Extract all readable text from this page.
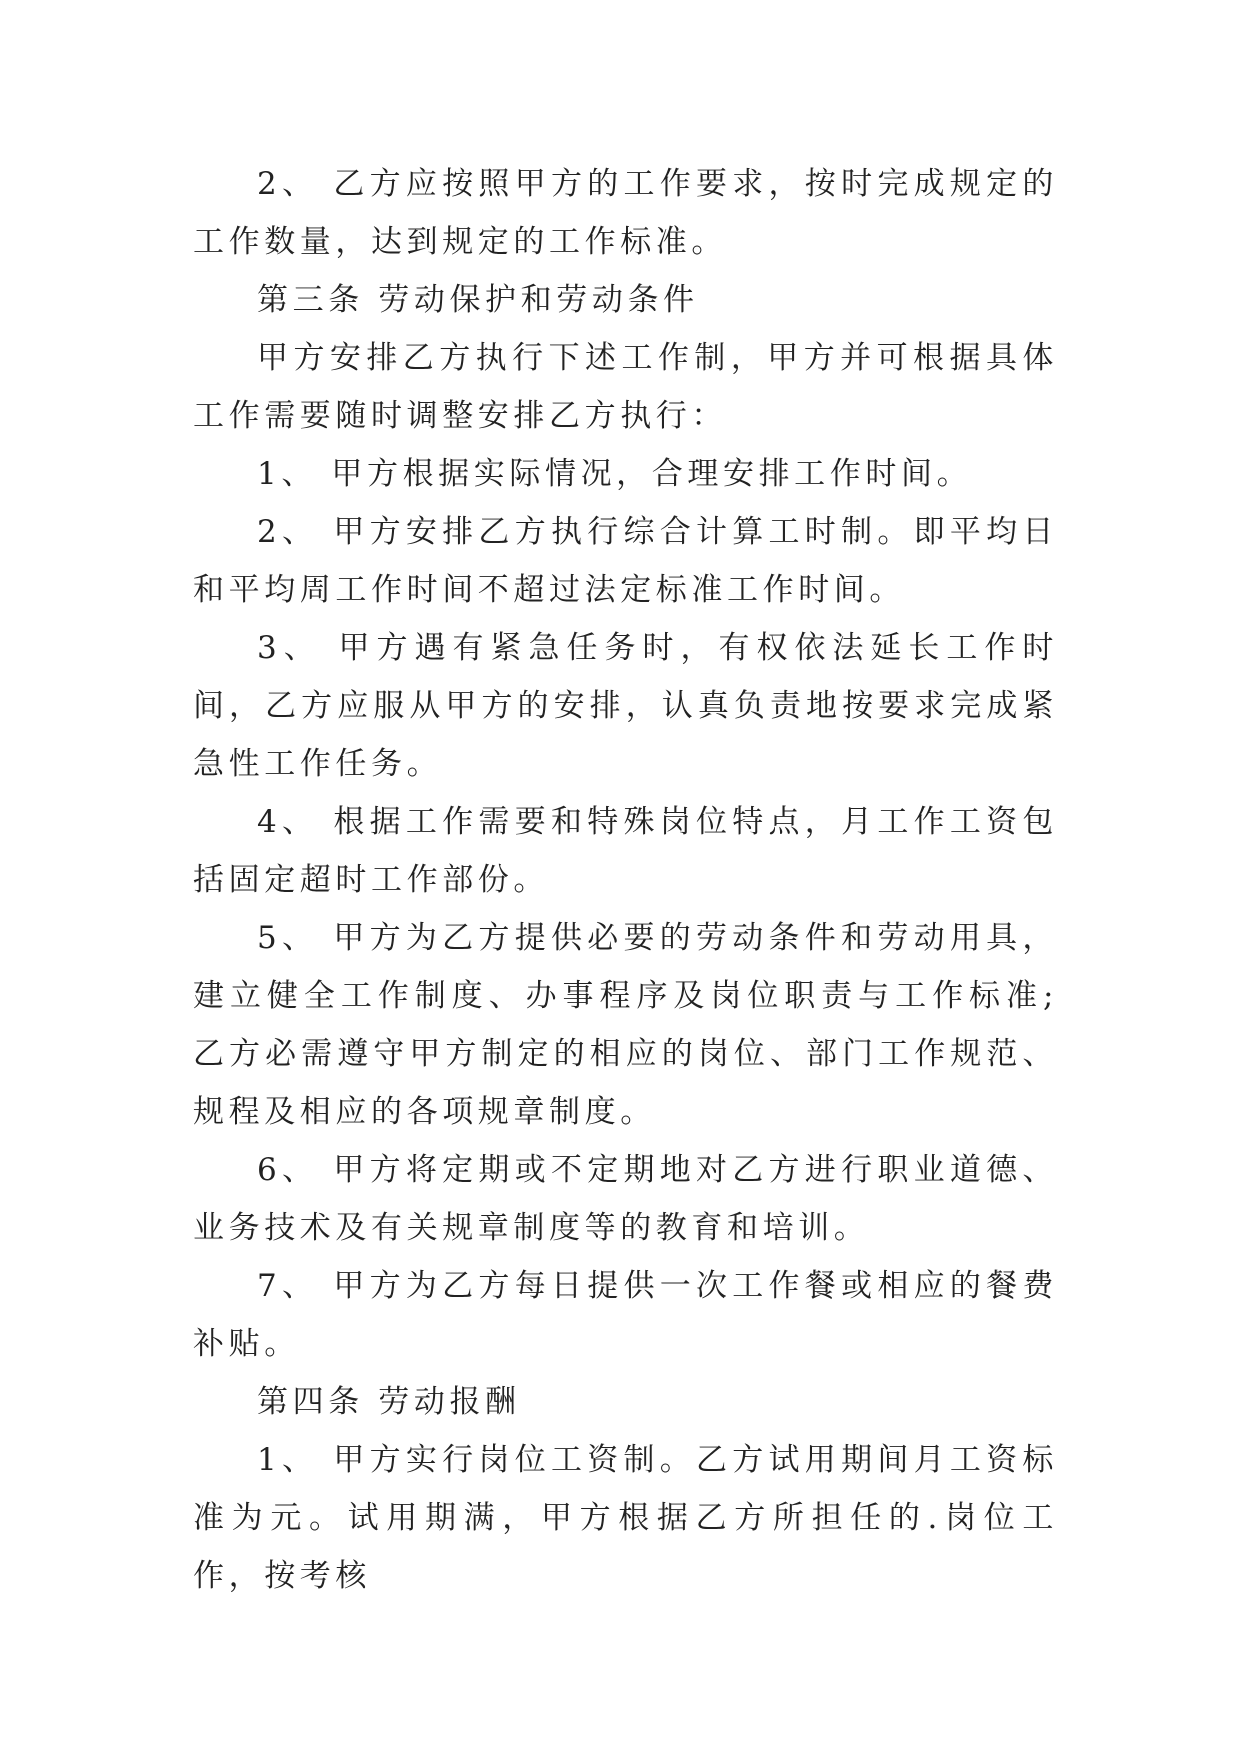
2、 乙方应按照甲方的工作要求，按时完成规定的工作数量，达到规定的工作标准。

第三条 劳动保护和劳动条件

甲方安排乙方执行下述工作制，甲方并可根据具体工作需要随时调整安排乙方执行：

1、 甲方根据实际情况，合理安排工作时间。

2、 甲方安排乙方执行综合计算工时制。即平均日和平均周工作时间不超过法定标准工作时间。

3、 甲方遇有紧急任务时，有权依法延长工作时间，乙方应服从甲方的安排，认真负责地按要求完成紧急性工作任务。

4、 根据工作需要和特殊岗位特点，月工作工资包括固定超时工作部份。

5、 甲方为乙方提供必要的劳动条件和劳动用具，建立健全工作制度、办事程序及岗位职责与工作标准;乙方必需遵守甲方制定的相应的岗位、部门工作规范、规程及相应的各项规章制度。

6、 甲方将定期或不定期地对乙方进行职业道德、业务技术及有关规章制度等的教育和培训。

7、 甲方为乙方每日提供一次工作餐或相应的餐费补贴。

第四条 劳动报酬

1、 甲方实行岗位工资制。乙方试用期间月工资标准为元。试用期满，甲方根据乙方所担任的.岗位工作，按考核
